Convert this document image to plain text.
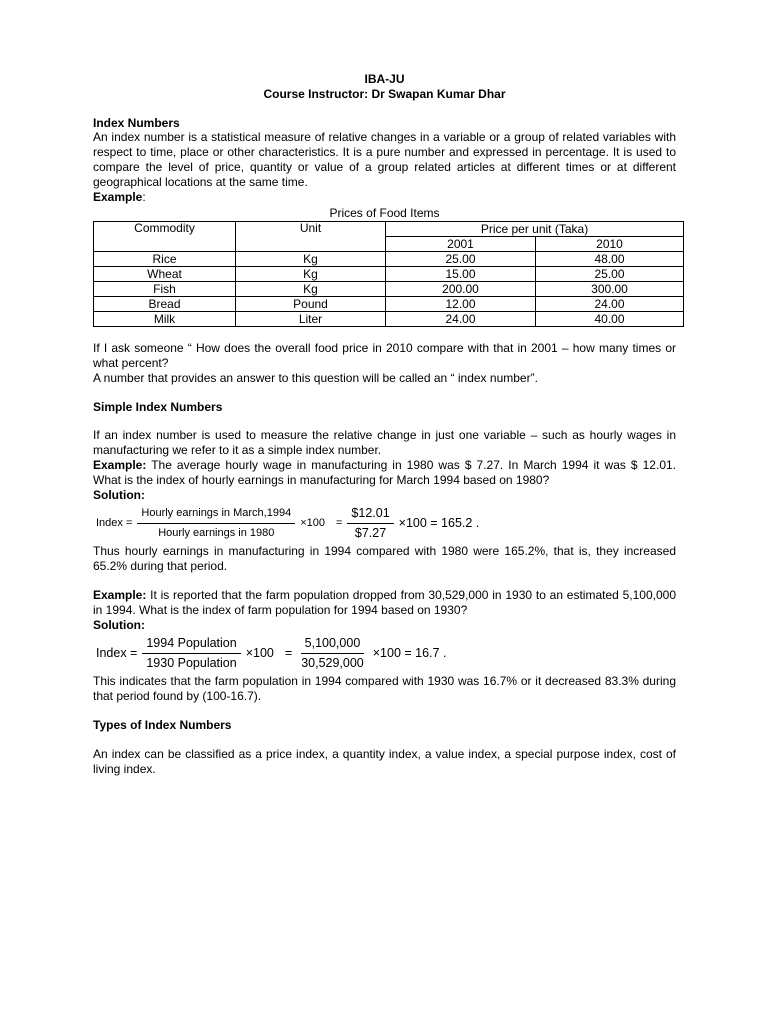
IBA-JU

Course Instructor: Dr Swapan Kumar Dhar

Index Numbers

An index number is a statistical measure of relative changes in a variable or a group of related variables with respect to time, place or other characteristics. It is a pure number and expressed in percentage. It is used to compare the level of price, quantity or value of a group related articles at different times or at different geographical locations at the same time.

Example:

Prices of Food Items

Commodity	Unit	Price per unit (Taka)	
		2001	2010
Rice	Kg	25.00	48.00
Wheat	Kg	15.00	25.00
Fish	Kg	200.00	300.00
Bread	Pound	12.00	24.00
Milk	Liter	24.00	40.00

If I ask someone “ How does the overall food price in 2010 compare with that in 2001 – how many times or what percent?

A number that provides an answer to this question will be called an “ index number”.

Simple Index Numbers

If an index number is used to measure the relative change in just one variable – such as hourly wages in manufacturing we refer to it as a simple index number.

Example: The average hourly wage in manufacturing in 1980 was $ 7.27. In March 1994 it was $ 12.01. What is the index of hourly earnings in manufacturing for March 1994 based on 1980?

Solution:

Index = $\frac{\text{Hourly earnings in March,1994}}{\text{Hourly earnings in 1980}} \times 100 = \frac{\$12.01}{\$7.27} \times 100 = 165.2$ .

Thus hourly earnings in manufacturing in 1994 compared with 1980 were 165.2%, that is, they increased 65.2% during that period.

Example: It is reported that the farm population dropped from 30,529,000 in 1930 to an estimated 5,100,000 in 1994. What is the index of farm population for 1994 based on 1930?

Solution:

Index = $\frac{\text{1994 Population}}{\text{1930 Population}} \times 100 = \frac{5,100,000}{30,529,000} \times 100 = 16.7$ .

This indicates that the farm population in 1994 compared with 1930 was 16.7% or it decreased 83.3% during that period found by (100-16.7).

Types of Index Numbers

An index can be classified as a price index, a quantity index, a value index, a special purpose index, cost of living index.
